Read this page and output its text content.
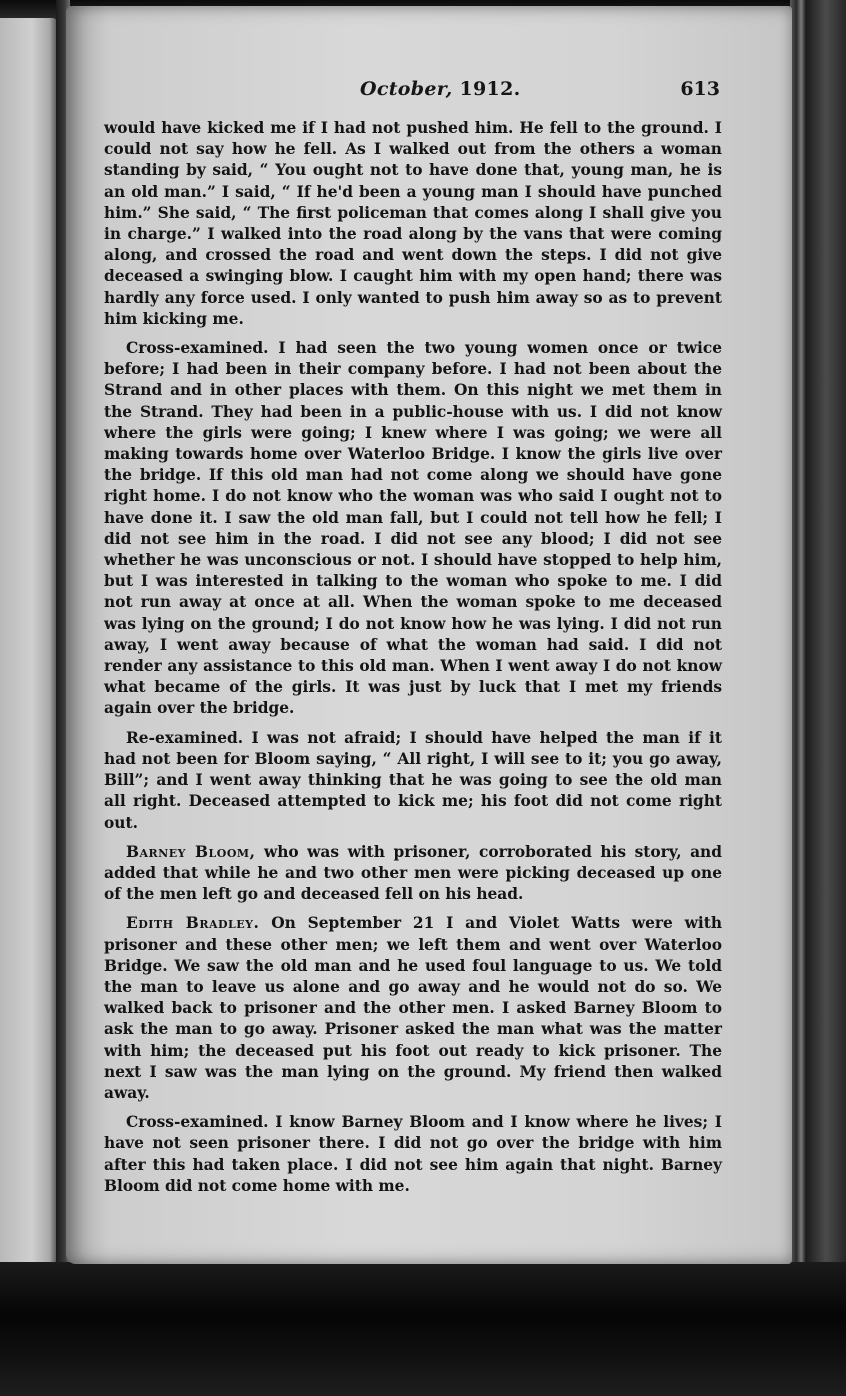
October, 1912.	613

would have kicked me if I had not pushed him. He fell to the ground. I could not say how he fell. As I walked out from the others a woman standing by said, “ You ought not to have done that, young man, he is an old man.” I said, “ If he'd been a young man I should have punched him.” She said, “ The first policeman that comes along I shall give you in charge.” I walked into the road along by the vans that were coming along, and crossed the road and went down the steps. I did not give deceased a swinging blow. I caught him with my open hand; there was hardly any force used. I only wanted to push him away so as to prevent him kicking me.

Cross-examined. I had seen the two young women once or twice before; I had been in their company before. I had not been about the Strand and in other places with them. On this night we met them in the Strand. They had been in a public-house with us. I did not know where the girls were going; I knew where I was going; we were all making towards home over Waterloo Bridge. I know the girls live over the bridge. If this old man had not come along we should have gone right home. I do not know who the woman was who said I ought not to have done it. I saw the old man fall, but I could not tell how he fell; I did not see him in the road. I did not see any blood; I did not see whether he was unconscious or not. I should have stopped to help him, but I was interested in talking to the woman who spoke to me. I did not run away at once at all. When the woman spoke to me deceased was lying on the ground; I do not know how he was lying. I did not run away, I went away because of what the woman had said. I did not render any assistance to this old man. When I went away I do not know what became of the girls. It was just by luck that I met my friends again over the bridge.

Re-examined. I was not afraid; I should have helped the man if it had not been for Bloom saying, “ All right, I will see to it; you go away, Bill”; and I went away thinking that he was going to see the old man all right. Deceased attempted to kick me; his foot did not come right out.

Barney Bloom, who was with prisoner, corroborated his story, and added that while he and two other men were picking deceased up one of the men left go and deceased fell on his head.

Edith Bradley. On September 21 I and Violet Watts were with prisoner and these other men; we left them and went over Waterloo Bridge. We saw the old man and he used foul language to us. We told the man to leave us alone and go away and he would not do so. We walked back to prisoner and the other men. I asked Barney Bloom to ask the man to go away. Prisoner asked the man what was the matter with him; the deceased put his foot out ready to kick prisoner. The next I saw was the man lying on the ground. My friend then walked away.

Cross-examined. I know Barney Bloom and I know where he lives; I have not seen prisoner there. I did not go over the bridge with him after this had taken place. I did not see him again that night. Barney Bloom did not come home with me.
